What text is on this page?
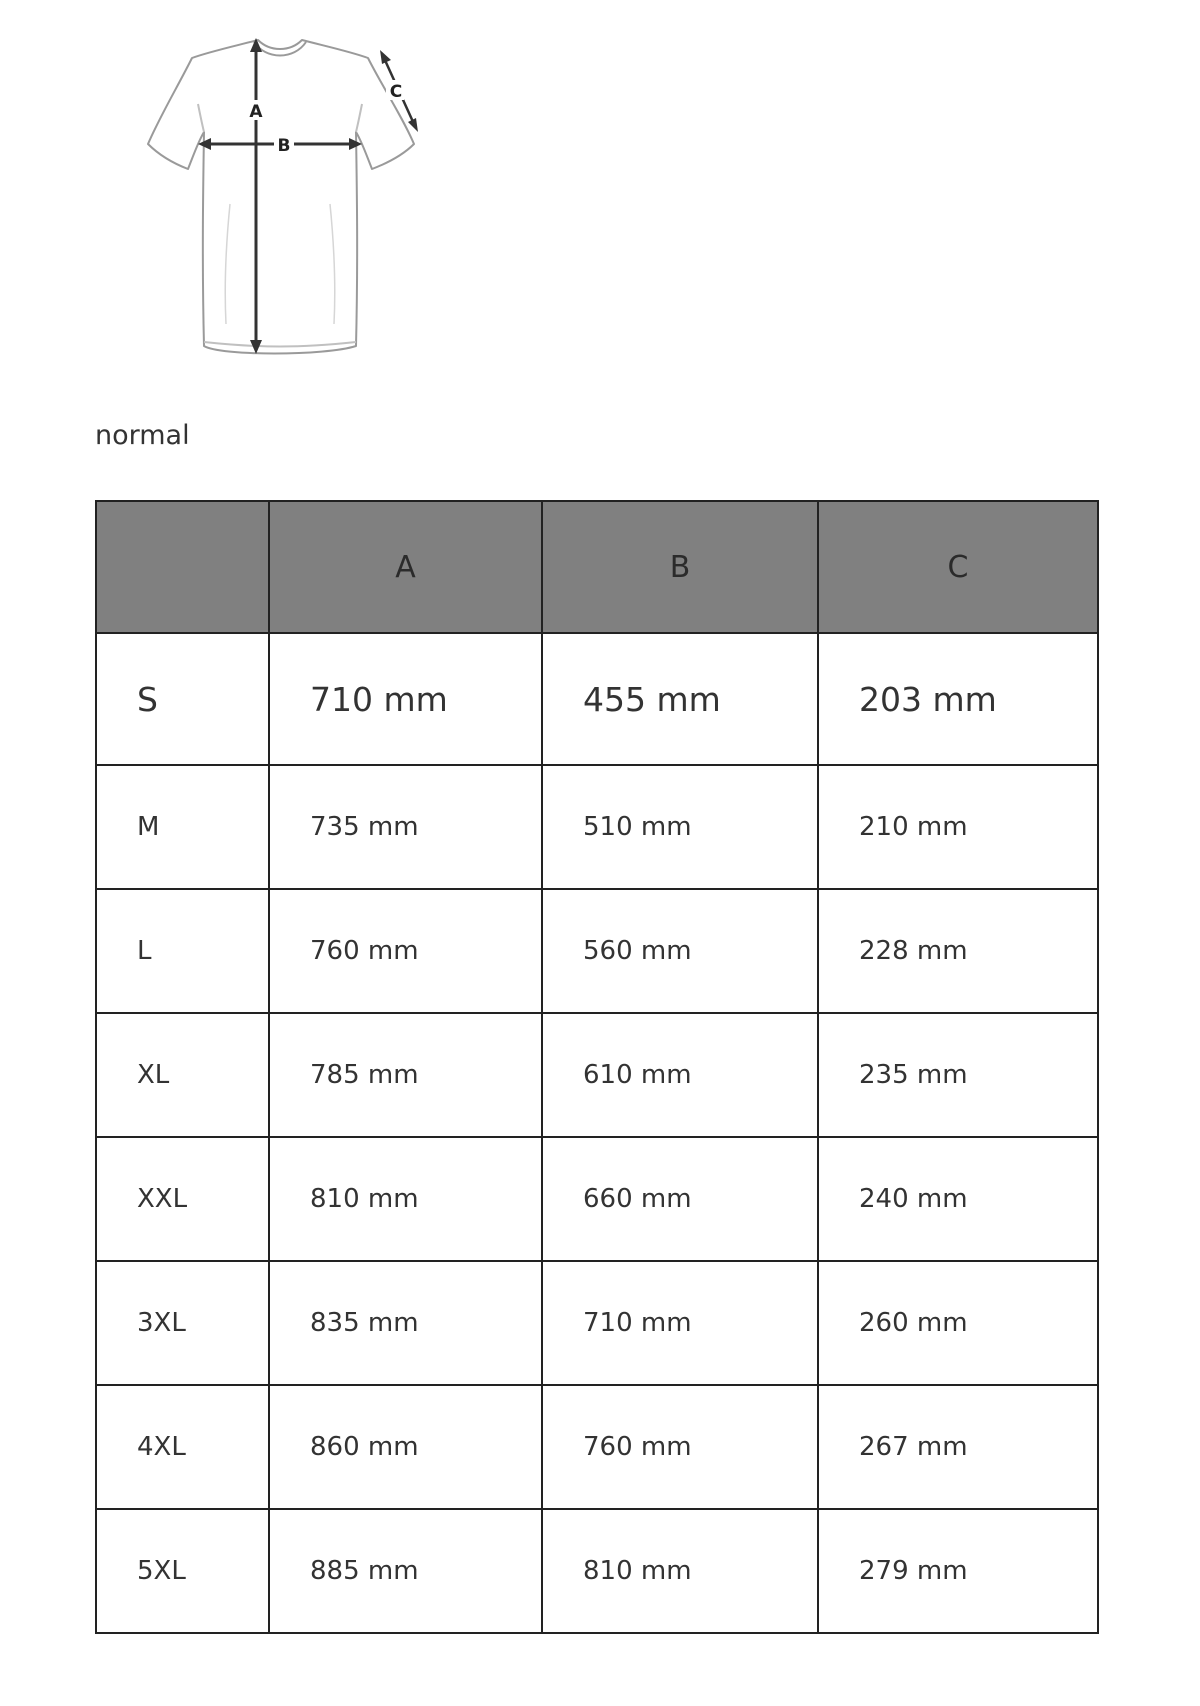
A
B
C
normal
	A	B	C
S	710 mm	455 mm	203 mm
M	735 mm	510 mm	210 mm
L	760 mm	560 mm	228 mm
XL	785 mm	610 mm	235 mm
XXL	810 mm	660 mm	240 mm
3XL	835 mm	710 mm	260 mm
4XL	860 mm	760 mm	267 mm
5XL	885 mm	810 mm	279 mm
